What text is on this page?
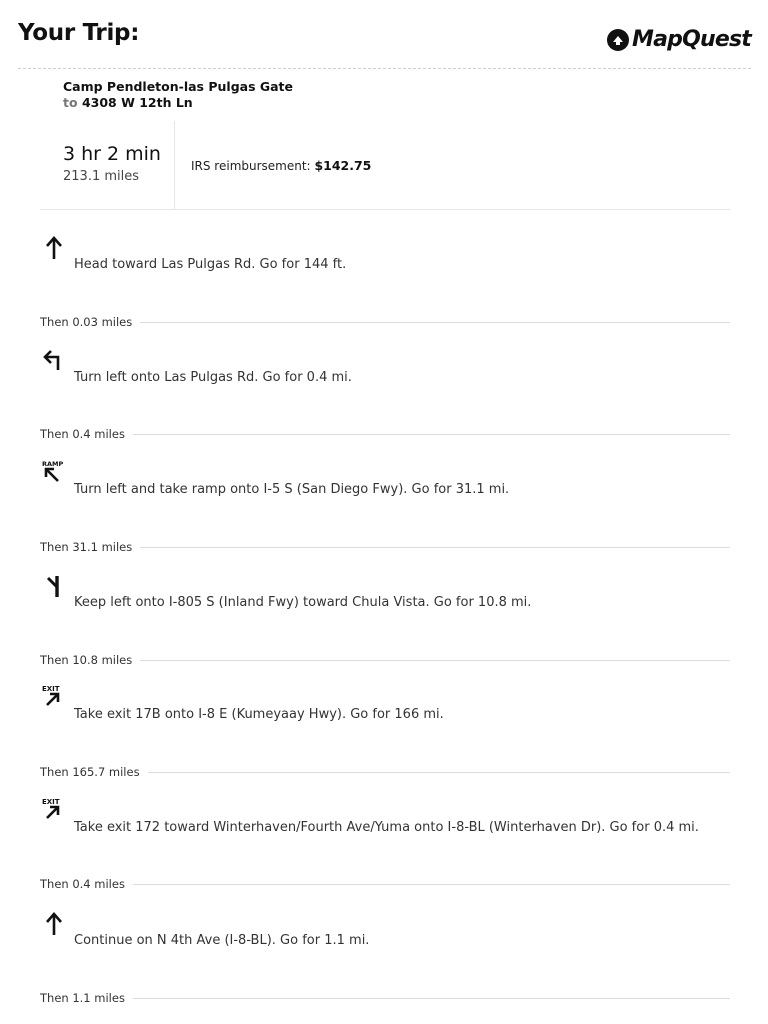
Your Trip:	MapQuest
Camp Pendleton-las Pulgas Gate
to 4308 W 12th Ln
3 hr 2 min
213.1 miles
IRS reimbursement: $142.75
Head toward Las Pulgas Rd. Go for 144 ft.
Then 0.03 miles
Turn left onto Las Pulgas Rd. Go for 0.4 mi.
Then 0.4 miles
RAMP
Turn left and take ramp onto I-5 S (San Diego Fwy). Go for 31.1 mi.
Then 31.1 miles
Keep left onto I-805 S (Inland Fwy) toward Chula Vista. Go for 10.8 mi.
Then 10.8 miles
EXIT
Take exit 17B onto I-8 E (Kumeyaay Hwy). Go for 166 mi.
Then 165.7 miles
EXIT
Take exit 172 toward Winterhaven/Fourth Ave/Yuma onto I-8-BL (Winterhaven Dr). Go for 0.4 mi.
Then 0.4 miles
Continue on N 4th Ave (I-8-BL). Go for 1.1 mi.
Then 1.1 miles
